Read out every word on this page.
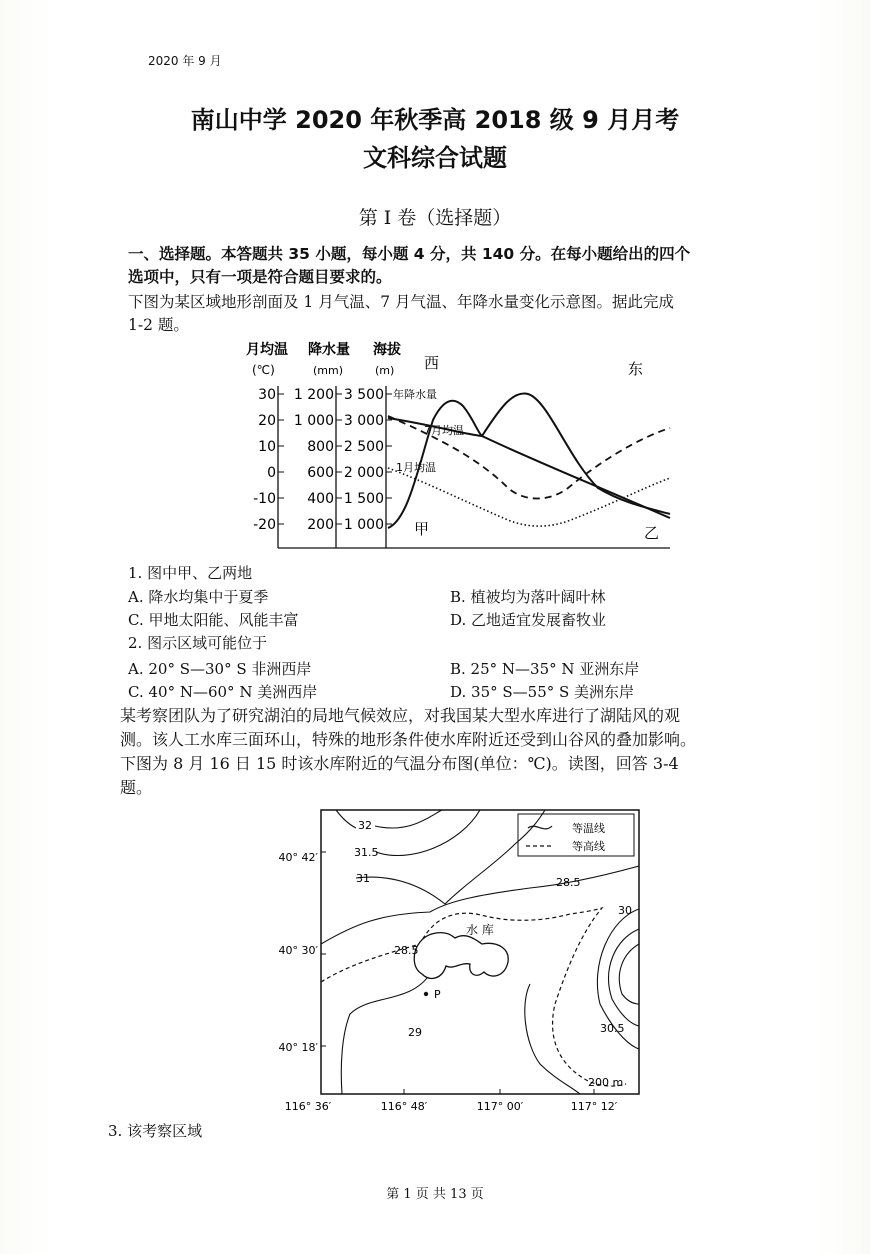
2020 年 9 月
南山中学 2020 年秋季高 2018 级 9 月月考
文科综合试题
第 I 卷（选择题）
一、选择题。本答题共 35 小题，每小题 4 分，共 140 分。在每小题给出的四个
选项中，只有一项是符合题目要求的。
下图为某区域地形剖面及 1 月气温、7 月气温、年降水量变化示意图。据此完成
1-2 题。
月均温 降水量 海拔
(℃)	(mm)	(m) 西	东
30
20
10
0
-10
-20
1 200
1 000
800
600
400
200
3 500
3 000
2 500
2 000
1 500
1 000
年降水量
7月均温
1月均温
甲	乙
1. 图中甲、乙两地
A. 降水均集中于夏季	B. 植被均为落叶阔叶林
C. 甲地太阳能、风能丰富	D. 乙地适宜发展畜牧业
2. 图示区域可能位于
A. 20° S—30° S 非洲西岸	B. 25° N—35° N 亚洲东岸
C. 40° N—60° N 美洲西岸	D. 35° S—55° S 美洲东岸
某考察团队为了研究湖泊的局地气候效应，对我国某大型水库进行了湖陆风的观
测。该人工水库三面环山，特殊的地形条件使水库附近还受到山谷风的叠加影响。
下图为 8 月 16 日 15 时该水库附近的气温分布图(单位：℃)。读图，回答 3-4
题。
等温线
等高线
40° 42′
40° 30′
40° 18′
116° 36′	116° 48′	117° 00′	117° 12′
水 库
P
200 m
32
31.5
31	28.5
30
28.5
30.5
29
3. 该考察区域
第 1 页 共 13 页
